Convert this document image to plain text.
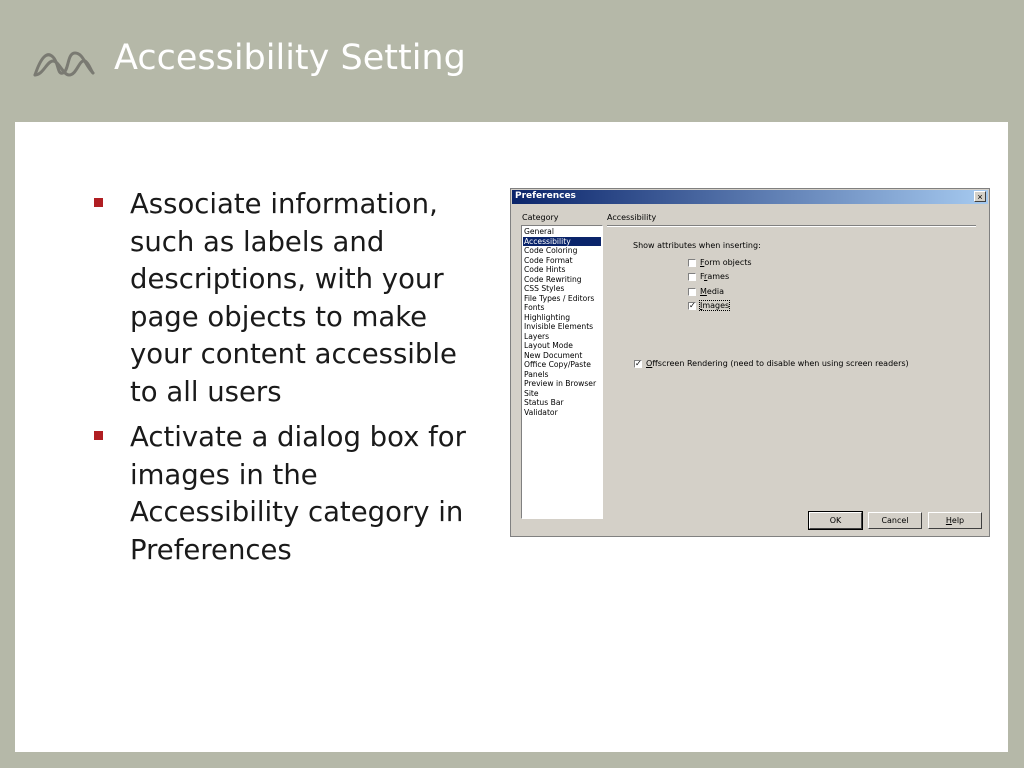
Accessibility Setting
Associate information, such as labels and descriptions, with your page objects to make your content accessible to all users
Activate a dialog box for images in the Accessibility category in Preferences
Preferences	×
Category	Accessibility
General
Accessibility
Code Coloring
Code Format
Code Hints
Code Rewriting
CSS Styles
File Types / Editors
Fonts
Highlighting
Invisible Elements
Layers
Layout Mode
New Document
Office Copy/Paste
Panels
Preview in Browser
Site
Status Bar
Validator
Show attributes when inserting:
Form objects
Frames
Media
✓ Images
✓ Offscreen Rendering (need to disable when using screen readers)
OK	Cancel	Help
